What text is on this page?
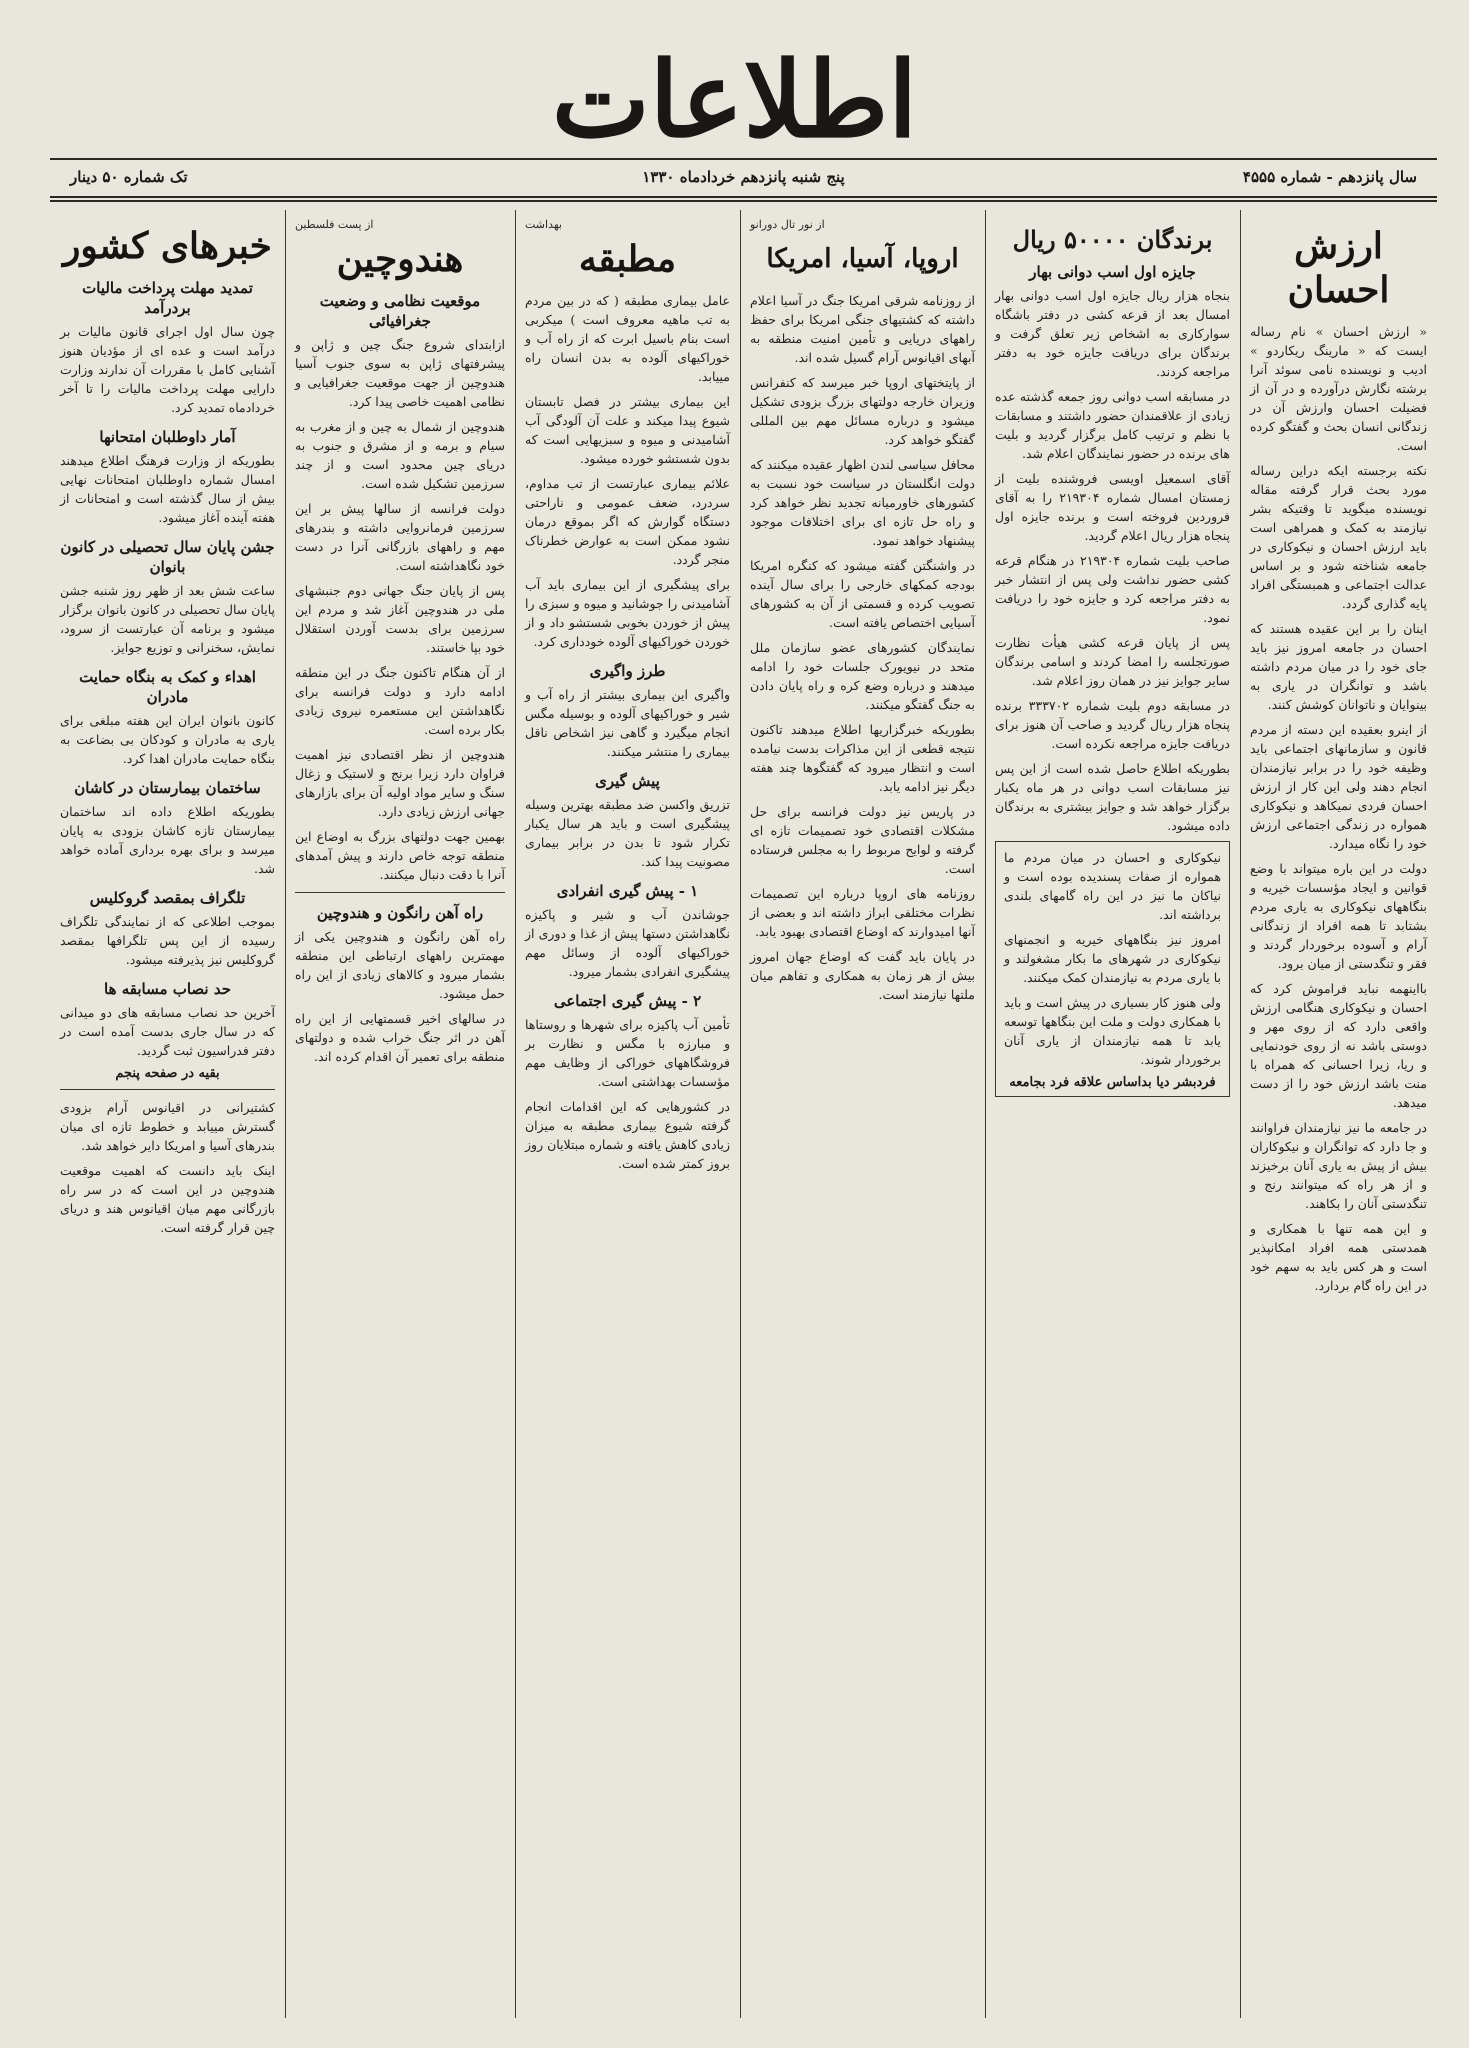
اطلاعات
سال پانزدهم - شماره ۴۵۵۵
پنج شنبه پانزدهم خردادماه ۱۳۳۰
تک شماره ۵۰ دینار
ارزش احسان

« ارزش احسان » نام رساله ایست که « مارینگ ریکاردو » ادیب و نویسنده نامی سوئد آنرا برشته نگارش درآورده و در آن از فضیلت احسان وارزش آن در زندگانی انسان بحث و گفتگو کرده است.

نکته برجسته ایکه دراین رساله مورد بحث قرار گرفته مقاله نویسنده میگوید تا وقتیکه بشر نیازمند به کمک و همراهی است باید ارزش احسان و نیکوکاری در جامعه شناخته شود و بر اساس عدالت اجتماعی و همبستگی افراد پایه گذاری گردد.

اینان را بر این عقیده هستند که احسان در جامعه امروز نیز باید جای خود را در میان مردم داشته باشد و توانگران در یاری به بینوایان و ناتوانان کوشش کنند.

از اینرو بعقیده این دسته از مردم قانون و سازمانهای اجتماعی باید وظیفه خود را در برابر نیازمندان انجام دهند ولی این کار از ارزش احسان فردی نمیکاهد و نیکوکاری همواره در زندگی اجتماعی ارزش خود را نگاه میدارد.

دولت در این باره میتواند با وضع قوانین و ایجاد مؤسسات خیریه و بنگاههای نیکوکاری به یاری مردم بشتابد تا همه افراد از زندگانی آرام و آسوده برخوردار گردند و فقر و تنگدستی از میان برود.

بااینهمه نباید فراموش کرد که احسان و نیکوکاری هنگامی ارزش واقعی دارد که از روی مهر و دوستی باشد نه از روی خودنمایی و ریا، زیرا احسانی که همراه با منت باشد ارزش خود را از دست میدهد.

در جامعه ما نیز نیازمندان فراوانند و جا دارد که توانگران و نیکوکاران بیش از پیش به یاری آنان برخیزند و از هر راه که میتوانند رنج و تنگدستی آنان را بکاهند.

و این همه تنها با همکاری و همدستی همه افراد امکانپذیر است و هر کس باید به سهم خود در این راه گام بردارد.

برندگان ۵۰۰۰۰ ریال
جایزه اول اسب دوانی بهار

بنجاه هزار ریال جایزه اول اسب دوانی بهار امسال بعد از قرعه کشی در دفتر باشگاه سوارکاری به اشخاص زیر تعلق گرفت و برندگان برای دریافت جایزه خود به دفتر مراجعه کردند.

در مسابقه اسب دوانی روز جمعه گذشته عده زیادی از علاقمندان حضور داشتند و مسابقات با نظم و ترتیب کامل برگزار گردید و بلیت های برنده در حضور نمایندگان اعلام شد.

آقای اسمعیل اویسی فروشنده بلیت از زمستان امسال شماره ۲۱۹۳۰۴ را به آقای فروردین فروخته است و برنده جایزه اول پنجاه هزار ریال اعلام گردید.

صاحب بلیت شماره ۲۱۹۳۰۴ در هنگام قرعه کشی حضور نداشت ولی پس از انتشار خبر به دفتر مراجعه کرد و جایزه خود را دریافت نمود.

پس از پایان قرعه کشی هیأت نظارت صورتجلسه را امضا کردند و اسامی برندگان سایر جوایز نیز در همان روز اعلام شد.

در مسابقه دوم بلیت شماره ۳۳۳۷۰۲ برنده پنجاه هزار ریال گردید و صاحب آن هنوز برای دریافت جایزه مراجعه نکرده است.

بطوریکه اطلاع حاصل شده است از این پس نیز مسابقات اسب دوانی در هر ماه یکبار برگزار خواهد شد و جوایز بیشتری به برندگان داده میشود.

نیکوکاری و احسان در میان مردم ما همواره از صفات پسندیده بوده است و نیاکان ما نیز در این راه گامهای بلندی برداشته اند.

امروز نیز بنگاههای خیریه و انجمنهای نیکوکاری در شهرهای ما بکار مشغولند و با یاری مردم به نیازمندان کمک میکنند.

ولی هنوز کار بسیاری در پیش است و باید با همکاری دولت و ملت این بنگاهها توسعه یابد تا همه نیازمندان از یاری آنان برخوردار شوند.

فردبشر دیا بداساس علاقه فرد بجامعه
از نور تال دورانو
اروپا، آسیا، امریکا

از روزنامه شرقی امریکا جنگ در آسیا اعلام داشته که کشتیهای جنگی امریکا برای حفظ راههای دریایی و تأمین امنیت منطقه به آبهای اقیانوس آرام گسیل شده اند.

از پایتختهای اروپا خبر میرسد که کنفرانس وزیران خارجه دولتهای بزرگ بزودی تشکیل میشود و درباره مسائل مهم بین المللی گفتگو خواهد کرد.

محافل سیاسی لندن اظهار عقیده میکنند که دولت انگلستان در سیاست خود نسبت به کشورهای خاورمیانه تجدید نظر خواهد کرد و راه حل تازه ای برای اختلافات موجود پیشنهاد خواهد نمود.

در واشنگتن گفته میشود که کنگره امریکا بودجه کمکهای خارجی را برای سال آینده تصویب کرده و قسمتی از آن به کشورهای آسیایی اختصاص یافته است.

نمایندگان کشورهای عضو سازمان ملل متحد در نیویورک جلسات خود را ادامه میدهند و درباره وضع کره و راه پایان دادن به جنگ گفتگو میکنند.

بطوریکه خبرگزاریها اطلاع میدهند تاکنون نتیجه قطعی از این مذاکرات بدست نیامده است و انتظار میرود که گفتگوها چند هفته دیگر نیز ادامه یابد.

در پاریس نیز دولت فرانسه برای حل مشکلات اقتصادی خود تصمیمات تازه ای گرفته و لوایح مربوط را به مجلس فرستاده است.

روزنامه های اروپا درباره این تصمیمات نظرات مختلفی ابراز داشته اند و بعضی از آنها امیدوارند که اوضاع اقتصادی بهبود یابد.

در پایان باید گفت که اوضاع جهان امروز بیش از هر زمان به همکاری و تفاهم میان ملتها نیازمند است.

بهداشت
مطبقه

عامل بیماری مطبقه ( که در بین مردم به تب ماهیه معروف است ) میکربی است بنام باسیل ابرت که از راه آب و خوراکیهای آلوده به بدن انسان راه مییابد.

این بیماری بیشتر در فصل تابستان شیوع پیدا میکند و علت آن آلودگی آب آشامیدنی و میوه و سبزیهایی است که بدون شستشو خورده میشود.

علائم بیماری عبارتست از تب مداوم، سردرد، ضعف عمومی و ناراحتی دستگاه گوارش که اگر بموقع درمان نشود ممکن است به عوارض خطرناک منجر گردد.

برای پیشگیری از این بیماری باید آب آشامیدنی را جوشانید و میوه و سبزی را پیش از خوردن بخوبی شستشو داد و از خوردن خوراکیهای آلوده خودداری کرد.

طرز واگیری

واگیری این بیماری بیشتر از راه آب و شیر و خوراکیهای آلوده و بوسیله مگس انجام میگیرد و گاهی نیز اشخاص ناقل بیماری را منتشر میکنند.

پیش گیری

تزریق واکسن ضد مطبقه بهترین وسیله پیشگیری است و باید هر سال یکبار تکرار شود تا بدن در برابر بیماری مصونیت پیدا کند.

۱ - پیش گیری انفرادی

جوشاندن آب و شیر و پاکیزه نگاهداشتن دستها پیش از غذا و دوری از خوراکیهای آلوده از وسائل مهم پیشگیری انفرادی بشمار میرود.

۲ - پیش گیری اجتماعی

تأمین آب پاکیزه برای شهرها و روستاها و مبارزه با مگس و نظارت بر فروشگاههای خوراکی از وظایف مهم مؤسسات بهداشتی است.

در کشورهایی که این اقدامات انجام گرفته شیوع بیماری مطبقه به میزان زیادی کاهش یافته و شماره مبتلایان روز بروز کمتر شده است.

از پست فلسطین
هندوچین
موقعیت نظامی و وضعیت جغرافیائی

ازابتدای شروع جنگ چین و ژاپن و پیشرفتهای ژاپن به سوی جنوب آسیا هندوچین از جهت موقعیت جغرافیایی و نظامی اهمیت خاصی پیدا کرد.

هندوچین از شمال به چین و از مغرب به سیام و برمه و از مشرق و جنوب به دریای چین محدود است و از چند سرزمین تشکیل شده است.

دولت فرانسه از سالها پیش بر این سرزمین فرمانروایی داشته و بندرهای مهم و راههای بازرگانی آنرا در دست خود نگاهداشته است.

پس از پایان جنگ جهانی دوم جنبشهای ملی در هندوچین آغاز شد و مردم این سرزمین برای بدست آوردن استقلال خود بپا خاستند.

از آن هنگام تاکنون جنگ در این منطقه ادامه دارد و دولت فرانسه برای نگاهداشتن این مستعمره نیروی زیادی بکار برده است.

هندوچین از نظر اقتصادی نیز اهمیت فراوان دارد زیرا برنج و لاستیک و زغال سنگ و سایر مواد اولیه آن برای بازارهای جهانی ارزش زیادی دارد.

بهمین جهت دولتهای بزرگ به اوضاع این منطقه توجه خاص دارند و پیش آمدهای آنرا با دقت دنبال میکنند.

راه آهن رانگون و هندوچین

راه آهن رانگون و هندوچین یکی از مهمترین راههای ارتباطی این منطقه بشمار میرود و کالاهای زیادی از این راه حمل میشود.

در سالهای اخیر قسمتهایی از این راه آهن در اثر جنگ خراب شده و دولتهای منطقه برای تعمیر آن اقدام کرده اند.

خبرهای کشور
تمدید مهلت پرداخت مالیات بردرآمد

چون سال اول اجرای قانون مالیات بر درآمد است و عده ای از مؤدیان هنوز آشنایی کامل با مقررات آن ندارند وزارت دارایی مهلت پرداخت مالیات را تا آخر خردادماه تمدید کرد.

آمار داوطلبان امتحانها

بطوریکه از وزارت فرهنگ اطلاع میدهند امسال شماره داوطلبان امتحانات نهایی بیش از سال گذشته است و امتحانات از هفته آینده آغاز میشود.

جشن پایان سال تحصیلی در کانون بانوان

ساعت شش بعد از ظهر روز شنبه جشن پایان سال تحصیلی در کانون بانوان برگزار میشود و برنامه آن عبارتست از سرود، نمایش، سخنرانی و توزیع جوایز.

اهداء و کمک به بنگاه حمایت مادران

کانون بانوان ایران این هفته مبلغی برای یاری به مادران و کودکان بی بضاعت به بنگاه حمایت مادران اهدا کرد.

ساختمان بیمارستان در کاشان

بطوریکه اطلاع داده اند ساختمان بیمارستان تازه کاشان بزودی به پایان میرسد و برای بهره برداری آماده خواهد شد.

تلگراف بمقصد گروکلیس

بموجب اطلاعی که از نمایندگی تلگراف رسیده از این پس تلگرافها بمقصد گروکلیس نیز پذیرفته میشود.

حد نصاب مسابقه ها

آخرین حد نصاب مسابقه های دو میدانی که در سال جاری بدست آمده است در دفتر فدراسیون ثبت گردید.

بقیه در صفحه پنجم

کشتیرانی در اقیانوس آرام بزودی گسترش مییابد و خطوط تازه ای میان بندرهای آسیا و امریکا دایر خواهد شد.

اینک باید دانست که اهمیت موقعیت هندوچین در این است که در سر راه بازرگانی مهم میان اقیانوس هند و دریای چین قرار گرفته است.
